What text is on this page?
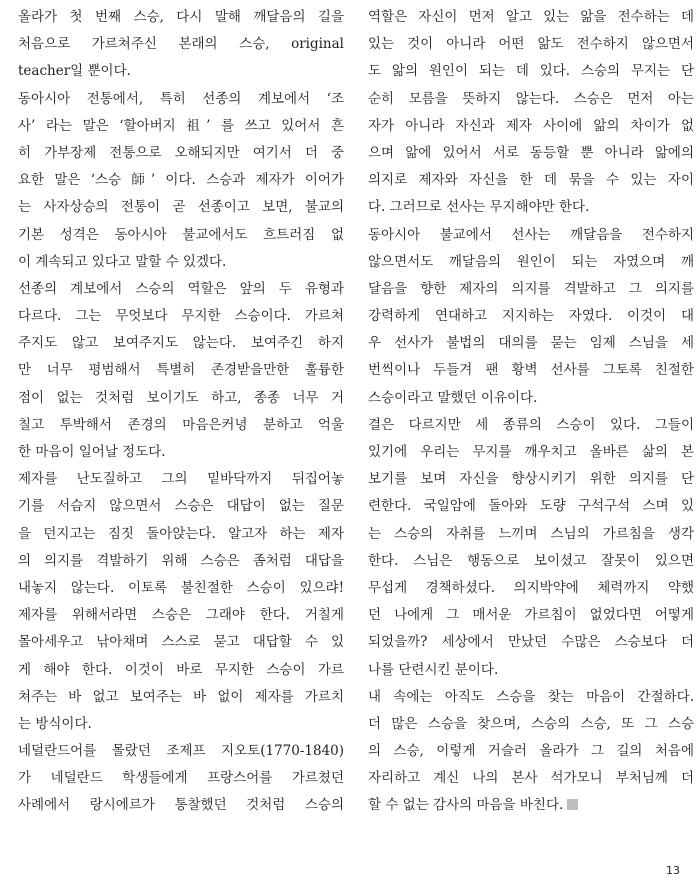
올라가 첫 번째 스승, 다시 말해 깨달음의 길을
처음으로 가르쳐주신 본래의 스승, original
teacher일 뿐이다.
동아시아 전통에서, 특히 선종의 계보에서 ‘조
사’ 라는 말은 ‘할아버지 祖’ 를 쓰고 있어서 흔
히 가부장제 전통으로 오해되지만 여기서 더 중
요한 말은 ‘스승 師’ 이다. 스승과 제자가 이어가
는 사자상승의 전통이 곧 선종이고 보면, 불교의
기본 성격은 동아시아 불교에서도 흐트러짐 없
이 계속되고 있다고 말할 수 있겠다.
선종의 계보에서 스승의 역할은 앞의 두 유형과
다르다. 그는 무엇보다 무지한 스승이다. 가르쳐
주지도 않고 보여주지도 않는다. 보여주긴 하지
만 너무 평범해서 특별히 존경받을만한 훌륭한
점이 없는 것처럼 보이기도 하고, 종종 너무 거
칠고 투박해서 존경의 마음은커녕 분하고 억울
한 마음이 일어날 정도다.
제자를 난도질하고 그의 밑바닥까지 뒤집어놓
기를 서슴지 않으면서 스승은 대답이 없는 질문
을 던지고는 짐짓 돌아앉는다. 알고자 하는 제자
의 의지를 격발하기 위해 스승은 좀처럼 대답을
내놓지 않는다. 이토록 불친절한 스승이 있으랴!
제자를 위해서라면 스승은 그래야 한다. 거칠게
몰아세우고 낚아채며 스스로 묻고 대답할 수 있
게 해야 한다. 이것이 바로 무지한 스승이 가르
쳐주는 바 없고 보여주는 바 없이 제자를 가르치
는 방식이다.
네덜란드어를 몰랐던 조제프 지오토(1770-1840)
가 네덜란드 학생들에게 프랑스어를 가르쳤던
사례에서 랑시에르가 통찰했던 것처럼 스승의
역할은 자신이 먼저 알고 있는 앎을 전수하는 데
있는 것이 아니라 어떤 앎도 전수하지 않으면서
도 앎의 원인이 되는 데 있다. 스승의 무지는 단
순히 모름을 뜻하지 않는다. 스승은 먼저 아는
자가 아니라 자신과 제자 사이에 앎의 차이가 없
으며 앎에 있어서 서로 동등할 뿐 아니라 앎에의
의지로 제자와 자신을 한 데 묶을 수 있는 자이
다. 그러므로 선사는 무지해야만 한다.
동아시아 불교에서 선사는 깨달음을 전수하지
않으면서도 깨달음의 원인이 되는 자였으며 깨
달음을 향한 제자의 의지를 격발하고 그 의지를
강력하게 연대하고 지지하는 자였다. 이것이 대
우 선사가 불법의 대의를 묻는 임제 스님을 세
번씩이나 두들겨 팬 황벽 선사를 그토록 친절한
스승이라고 말했던 이유이다.
결은 다르지만 세 종류의 스승이 있다. 그들이
있기에 우리는 무지를 깨우치고 올바른 삶의 본
보기를 보며 자신을 향상시키기 위한 의지를 단
련한다. 국일암에 돌아와 도량 구석구석 스며 있
는 스승의 자취를 느끼며 스님의 가르침을 생각
한다. 스님은 행동으로 보이셨고 잘못이 있으면
무섭게 경책하셨다. 의지박약에 체력까지 약했
던 나에게 그 매서운 가르침이 없었다면 어떻게
되었을까? 세상에서 만났던 수많은 스승보다 더
나를 단련시킨 분이다.
내 속에는 아직도 스승을 찾는 마음이 간절하다.
더 많은 스승을 찾으며, 스승의 스승, 또 그 스승
의 스승, 이렇게 거슬러 올라가 그 길의 처음에
자리하고 계신 나의 본사 석가모니 부처님께 더
할 수 없는 감사의 마음을 바친다.
13
